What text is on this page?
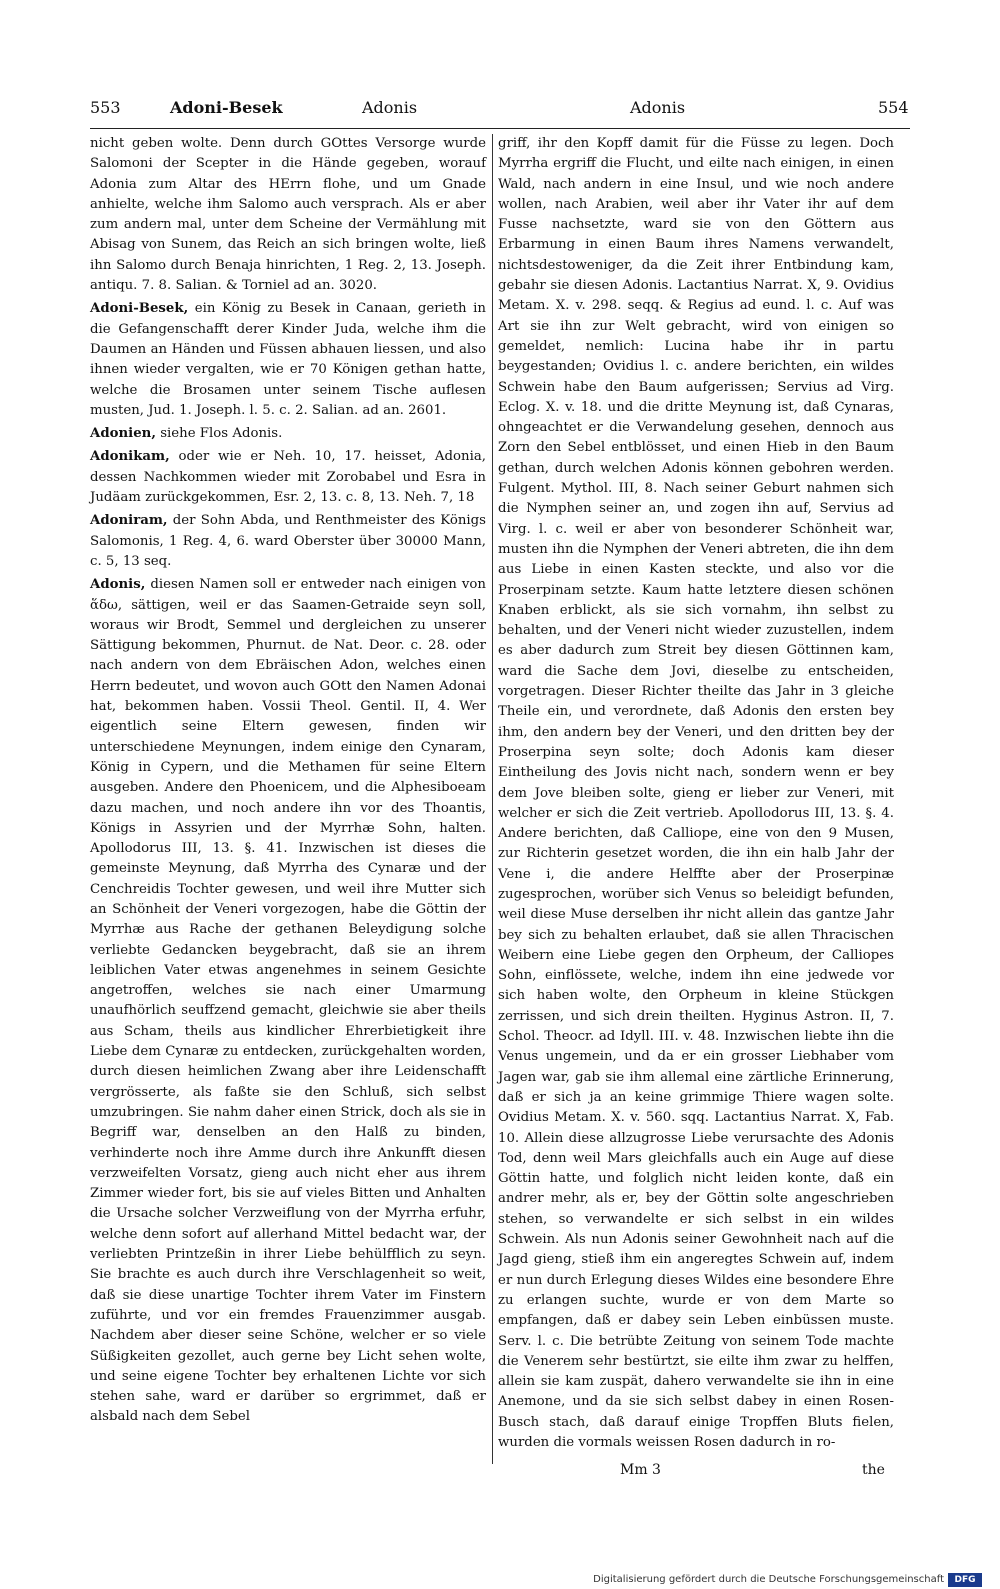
553	Adoni-Besek	Adonis	Adonis	554

nicht geben wolte. Denn durch GOttes Versorge wurde Salomoni der Scepter in die Hände gegeben, worauf Adonia zum Altar des HErrn flohe, und um Gnade anhielte, welche ihm Salomo auch versprach. Als er aber zum andern mal, unter dem Scheine der Vermählung mit Abisag von Sunem, das Reich an sich bringen wolte, ließ ihn Salomo durch Benaja hinrichten, 1 Reg. 2, 13. Joseph. antiqu. 7. 8. Salian. & Torniel ad an. 3020.

Adoni-Besek, ein König zu Besek in Canaan, gerieth in die Gefangenschafft derer Kinder Juda, welche ihm die Daumen an Händen und Füssen abhauen liessen, und also ihnen wieder vergalten, wie er 70 Königen gethan hatte, welche die Brosamen unter seinem Tische auflesen musten, Jud. 1. Joseph. l. 5. c. 2. Salian. ad an. 2601.

Adonien, siehe Flos Adonis.

Adonikam, oder wie er Neh. 10, 17. heisset, Adonia, dessen Nachkommen wieder mit Zorobabel und Esra in Judäam zurückgekommen, Esr. 2, 13. c. 8, 13. Neh. 7, 18

Adoniram, der Sohn Abda, und Renthmeister des Königs Salomonis, 1 Reg. 4, 6. ward Oberster über 30000 Mann, c. 5, 13 seq.

Adonis, diesen Namen soll er entweder nach einigen von ἅδω, sättigen, weil er das Saamen-Getraide seyn soll, woraus wir Brodt, Semmel und dergleichen zu unserer Sättigung bekommen, Phurnut. de Nat. Deor. c. 28. oder nach andern von dem Ebräischen Adon, welches einen Herrn bedeutet, und wovon auch GOtt den Namen Adonai hat, bekommen haben. Vossii Theol. Gentil. II, 4. Wer eigentlich seine Eltern gewesen, finden wir unterschiedene Meynungen, indem einige den Cynaram, König in Cypern, und die Methamen für seine Eltern ausgeben. Andere den Phoenicem, und die Alphesiboeam dazu machen, und noch andere ihn vor des Thoantis, Königs in Assyrien und der Myrrhæ Sohn, halten. Apollodorus III, 13. §. 41. Inzwischen ist dieses die gemeinste Meynung, daß Myrrha des Cynaræ und der Cenchreidis Tochter gewesen, und weil ihre Mutter sich an Schönheit der Veneri vorgezogen, habe die Göttin der Myrrhæ aus Rache der gethanen Beleydigung solche verliebte Gedancken beygebracht, daß sie an ihrem leiblichen Vater etwas angenehmes in seinem Gesichte angetroffen, welches sie nach einer Umarmung unaufhörlich seuffzend gemacht, gleichwie sie aber theils aus Scham, theils aus kindlicher Ehrerbietigkeit ihre Liebe dem Cynaræ zu entdecken, zurückgehalten worden, durch diesen heimlichen Zwang aber ihre Leidenschafft vergrösserte, als faßte sie den Schluß, sich selbst umzubringen. Sie nahm daher einen Strick, doch als sie in Begriff war, denselben an den Halß zu binden, verhinderte noch ihre Amme durch ihre Ankunfft diesen verzweifelten Vorsatz, gieng auch nicht eher aus ihrem Zimmer wieder fort, bis sie auf vieles Bitten und Anhalten die Ursache solcher Verzweiflung von der Myrrha erfuhr, welche denn sofort auf allerhand Mittel bedacht war, der verliebten Printzeßin in ihrer Liebe behülfflich zu seyn. Sie brachte es auch durch ihre Verschlagenheit so weit, daß sie diese unartige Tochter ihrem Vater im Finstern zuführte, und vor ein fremdes Frauenzimmer ausgab. Nachdem aber dieser seine Schöne, welcher er so viele Süßigkeiten gezollet, auch gerne bey Licht sehen wolte, und seine eigene Tochter bey erhaltenen Lichte vor sich stehen sahe, ward er darüber so ergrimmet, daß er alsbald nach dem Sebel

griff, ihr den Kopff damit für die Füsse zu legen. Doch Myrrha ergriff die Flucht, und eilte nach einigen, in einen Wald, nach andern in eine Insul, und wie noch andere wollen, nach Arabien, weil aber ihr Vater ihr auf dem Fusse nachsetzte, ward sie von den Göttern aus Erbarmung in einen Baum ihres Namens verwandelt, nichtsdestoweniger, da die Zeit ihrer Entbindung kam, gebahr sie diesen Adonis. Lactantius Narrat. X, 9. Ovidius Metam. X. v. 298. seqq. & Regius ad eund. l. c. Auf was Art sie ihn zur Welt gebracht, wird von einigen so gemeldet, nemlich: Lucina habe ihr in partu beygestanden; Ovidius l. c. andere berichten, ein wildes Schwein habe den Baum aufgerissen; Servius ad Virg. Eclog. X. v. 18. und die dritte Meynung ist, daß Cynaras, ohngeachtet er die Verwandelung gesehen, dennoch aus Zorn den Sebel entblösset, und einen Hieb in den Baum gethan, durch welchen Adonis können gebohren werden. Fulgent. Mythol. III, 8. Nach seiner Geburt nahmen sich die Nymphen seiner an, und zogen ihn auf, Servius ad Virg. l. c. weil er aber von besonderer Schönheit war, musten ihn die Nymphen der Veneri abtreten, die ihn dem aus Liebe in einen Kasten steckte, und also vor die Proserpinam setzte. Kaum hatte letztere diesen schönen Knaben erblickt, als sie sich vornahm, ihn selbst zu behalten, und der Veneri nicht wieder zuzustellen, indem es aber dadurch zum Streit bey diesen Göttinnen kam, ward die Sache dem Jovi, dieselbe zu entscheiden, vorgetragen. Dieser Richter theilte das Jahr in 3 gleiche Theile ein, und verordnete, daß Adonis den ersten bey ihm, den andern bey der Veneri, und den dritten bey der Proserpina seyn solte; doch Adonis kam dieser Eintheilung des Jovis nicht nach, sondern wenn er bey dem Jove bleiben solte, gieng er lieber zur Veneri, mit welcher er sich die Zeit vertrieb. Apollodorus III, 13. §. 4. Andere berichten, daß Calliope, eine von den 9 Musen, zur Richterin gesetzet worden, die ihn ein halb Jahr der Vene i, die andere Helffte aber der Proserpinæ zugesprochen, worüber sich Venus so beleidigt befunden, weil diese Muse derselben ihr nicht allein das gantze Jahr bey sich zu behalten erlaubet, daß sie allen Thracischen Weibern eine Liebe gegen den Orpheum, der Calliopes Sohn, einflössete, welche, indem ihn eine jedwede vor sich haben wolte, den Orpheum in kleine Stückgen zerrissen, und sich drein theilten. Hyginus Astron. II, 7. Schol. Theocr. ad Idyll. III. v. 48. Inzwischen liebte ihn die Venus ungemein, und da er ein grosser Liebhaber vom Jagen war, gab sie ihm allemal eine zärtliche Erinnerung, daß er sich ja an keine grimmige Thiere wagen solte. Ovidius Metam. X. v. 560. sqq. Lactantius Narrat. X, Fab. 10. Allein diese allzugrosse Liebe verursachte des Adonis Tod, denn weil Mars gleichfalls auch ein Auge auf diese Göttin hatte, und folglich nicht leiden konte, daß ein andrer mehr, als er, bey der Göttin solte angeschrieben stehen, so verwandelte er sich selbst in ein wildes Schwein. Als nun Adonis seiner Gewohnheit nach auf die Jagd gieng, stieß ihm ein angeregtes Schwein auf, indem er nun durch Erlegung dieses Wildes eine besondere Ehre zu erlangen suchte, wurde er von dem Marte so empfangen, daß er dabey sein Leben einbüssen muste. Serv. l. c. Die betrübte Zeitung von seinem Tode machte die Venerem sehr bestürtzt, sie eilte ihm zwar zu helffen, allein sie kam zuspät, dahero verwandelte sie ihn in eine Anemone, und da sie sich selbst dabey in einen Rosen-Busch stach, daß darauf einige Tropffen Bluts fielen, wurden die vormals weissen Rosen dadurch in ro-

Mm 3	the
Digitalisierung gefördert durch die Deutsche Forschungsgemeinschaft	DFG
